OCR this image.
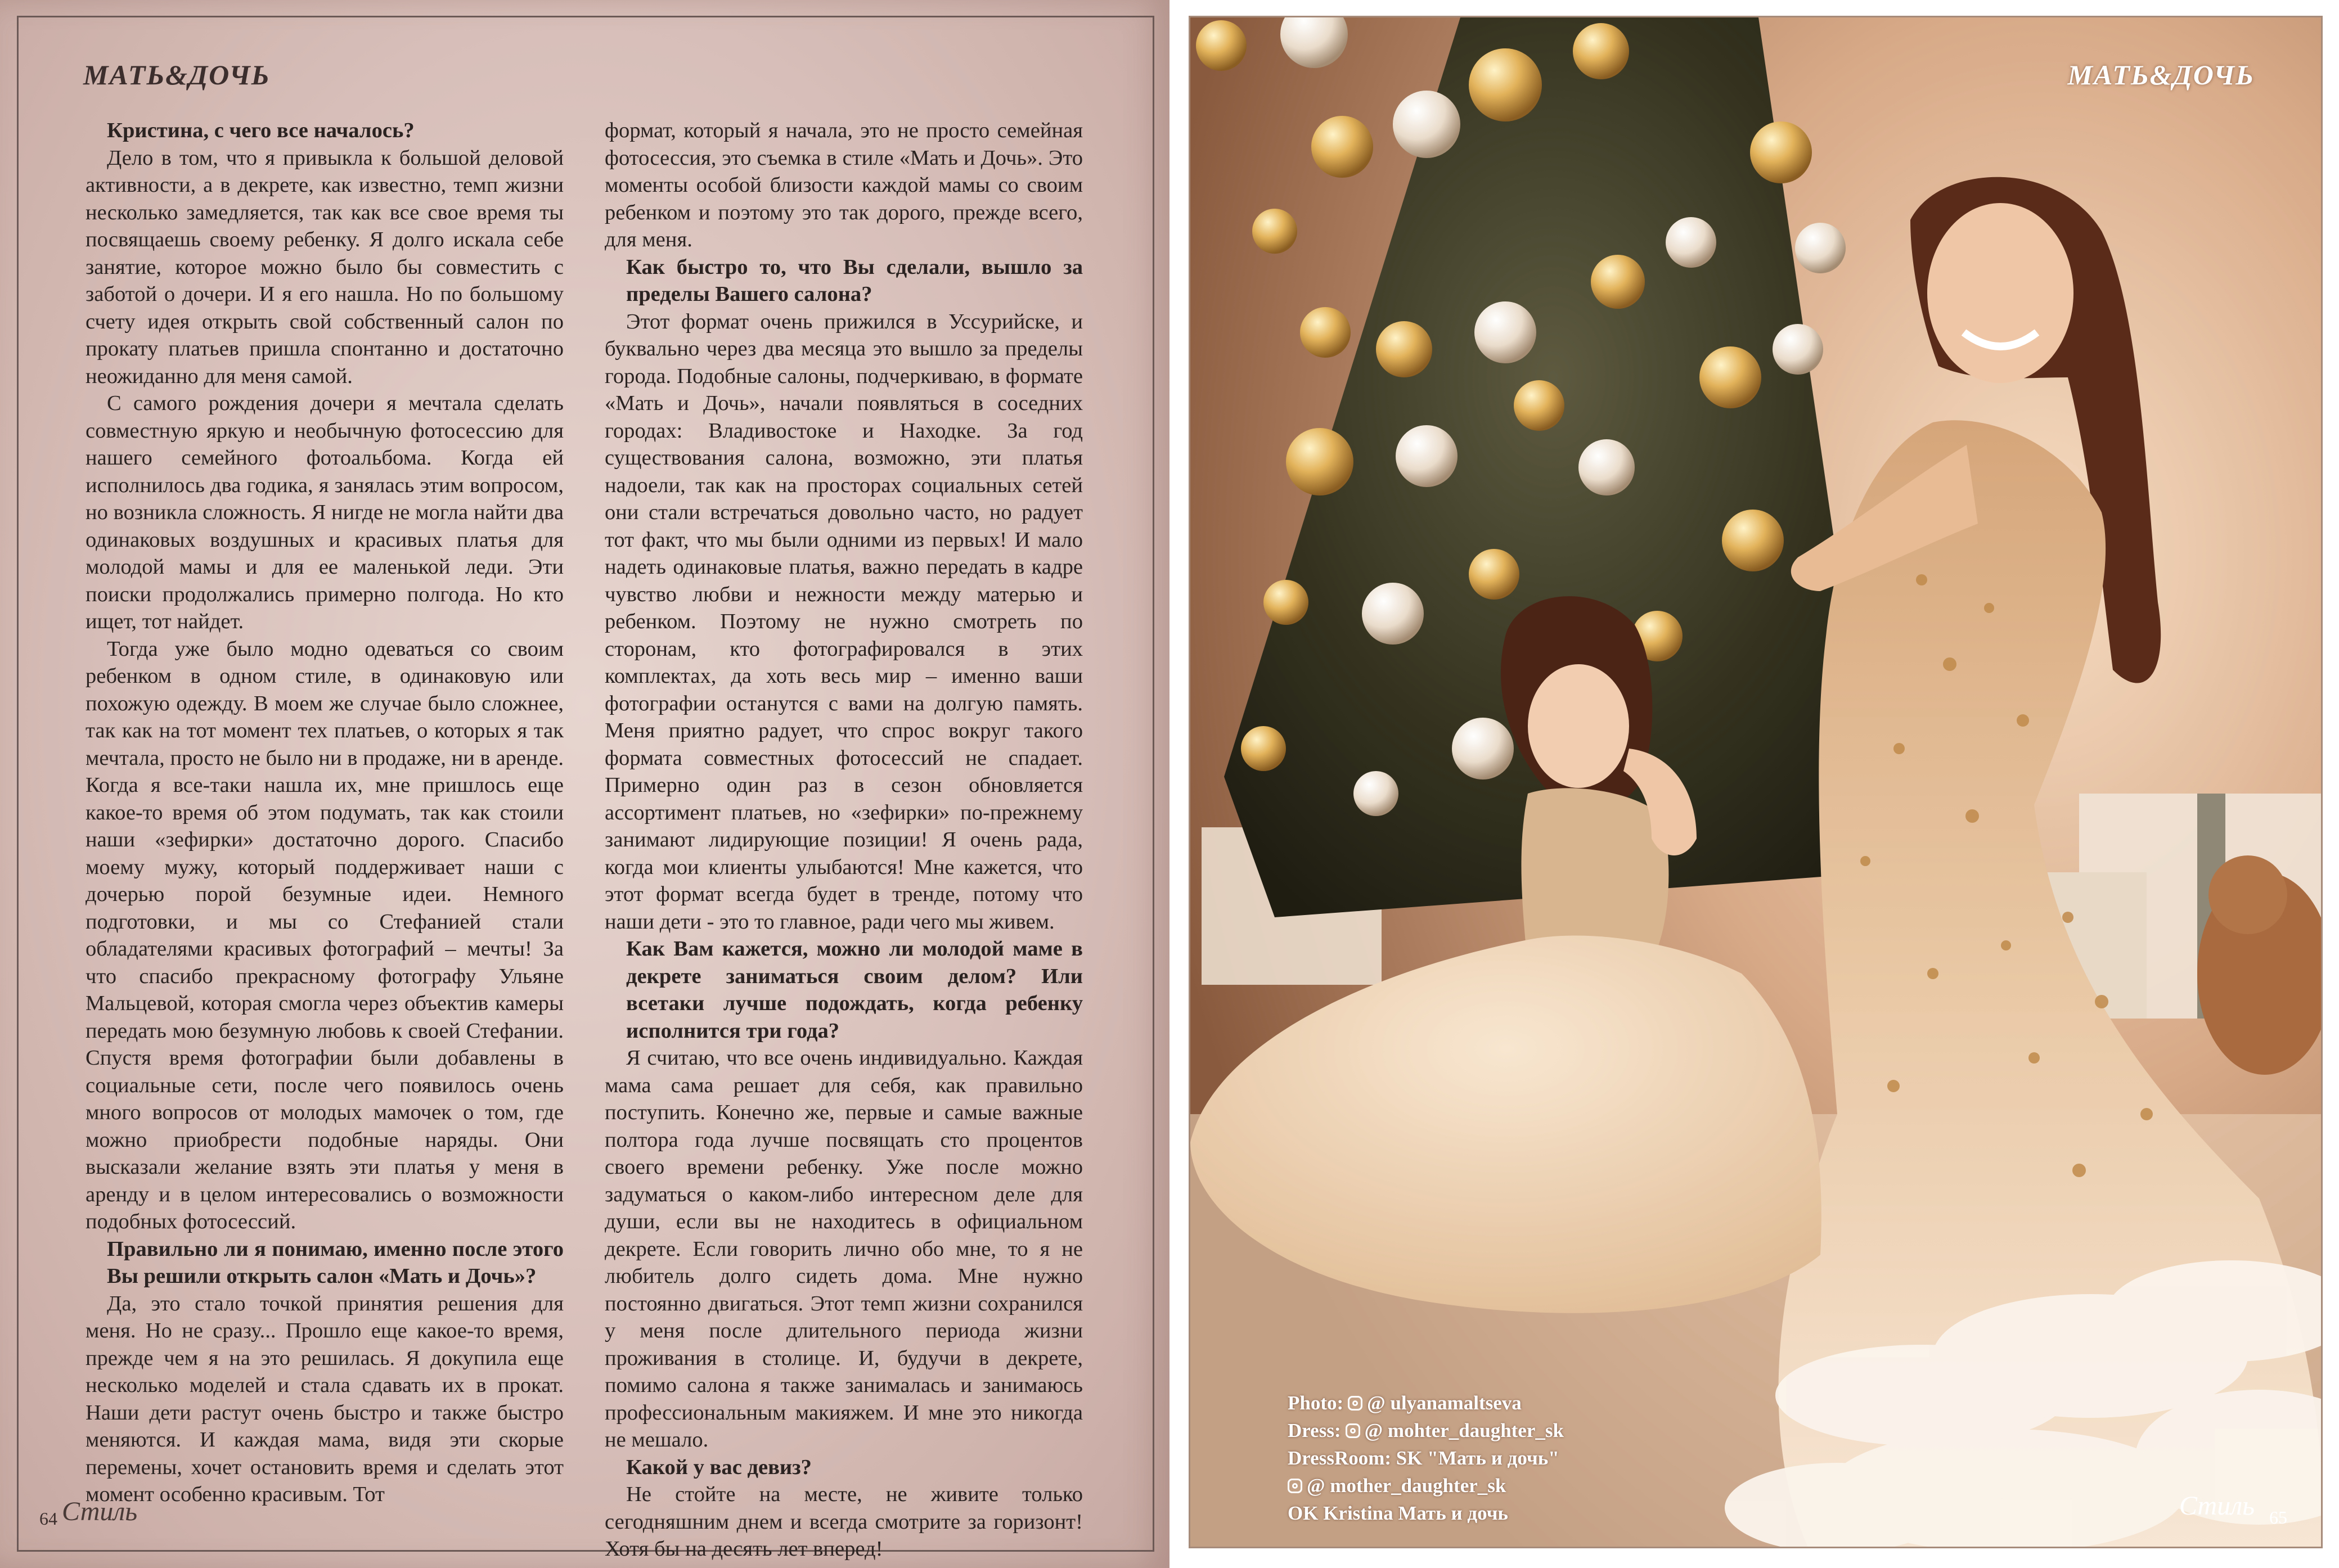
МАТЬ&ДОЧЬ

Кристина, с чего все началось?

Дело в том, что я привыкла к большой деловой активности, а в декрете, как известно, темп жизни несколько замедляется, так как все свое время ты посвящаешь своему ребенку. Я долго искала себе занятие, которое можно было бы совместить с заботой о дочери. И я его нашла. Но по большому счету идея открыть свой собственный салон по прокату платьев пришла спонтанно и достаточно неожиданно для меня самой.

С самого рождения дочери я мечтала сделать совместную яркую и необычную фотосессию для нашего семейного фотоальбома. Когда ей исполнилось два годика, я занялась этим вопросом, но возникла сложность. Я нигде не могла найти два одинаковых воздушных и красивых платья для молодой мамы и для ее маленькой леди. Эти поиски продолжались примерно полгода. Но кто ищет, тот найдет.

Тогда уже было модно одеваться со своим ребенком в одном стиле, в одинаковую или похожую одежду. В моем же случае было сложнее, так как на тот момент тех платьев, о которых я так мечтала, просто не было ни в продаже, ни в аренде. Когда я все-таки нашла их, мне пришлось еще какое-то время об этом подумать, так как стоили наши «зефирки» достаточно дорого. Спасибо моему мужу, который поддерживает наши с дочерью порой безумные идеи. Немного подготовки, и мы со Стефанией стали обладателями красивых фотографий – мечты! За что спасибо прекрасному фотографу Ульяне Мальцевой, которая смогла через объектив камеры передать мою безумную любовь к своей Стефании. Спустя время фотографии были добавлены в социальные сети, после чего появилось очень много вопросов от молодых мамочек о том, где можно приобрести подобные наряды. Они высказали желание взять эти платья у меня в аренду и в целом интересовались о возможности подобных фотосессий.

Правильно ли я понимаю, именно после этого Вы решили открыть салон «Мать и Дочь»?

Да, это стало точкой принятия решения для меня. Но не сразу... Прошло еще какое-то время, прежде чем я на это решилась. Я докупила еще несколько моделей и стала сдавать их в прокат. Наши дети растут очень быстро и также быстро меняются. И каждая мама, видя эти скорые перемены, хочет остановить время и сделать этот момент особенно красивым. Тот

формат, который я начала, это не просто семейная фотосессия, это съемка в стиле «Мать и Дочь». Это моменты особой близости каждой мамы со своим ребенком и поэтому это так дорого, прежде всего, для меня.

Как быстро то, что Вы сделали, вышло за пределы Вашего салона?

Этот формат очень прижился в Уссурийске, и буквально через два месяца это вышло за пределы города. Подобные салоны, подчеркиваю, в формате «Мать и Дочь», начали появляться в соседних городах: Владивостоке и Находке. За год существования салона, возможно, эти платья надоели, так как на просторах социальных сетей они стали встречаться довольно часто, но радует тот факт, что мы были одними из первых! И мало надеть одинаковые платья, важно передать в кадре чувство любви и нежности между матерью и ребенком. Поэтому не нужно смотреть по сторонам, кто фотографировался в этих комплектах, да хоть весь мир – именно ваши фотографии останутся с вами на долгую память. Меня приятно радует, что спрос вокруг такого формата совместных фотосессий не спадает. Примерно один раз в сезон обновляется ассортимент платьев, но «зефирки» по-прежнему занимают лидирующие позиции! Я очень рада, когда мои клиенты улыбаются! Мне кажется, что этот формат всегда будет в тренде, потому что наши дети - это то главное, ради чего мы живем.

Как Вам кажется, можно ли молодой маме в декрете заниматься своим делом? Или всетаки лучше подождать, когда ребенку исполнится три года?

Я считаю, что все очень индивидуально. Каждая мама сама решает для себя, как правильно поступить. Конечно же, первые и самые важные полтора года лучше посвящать сто процентов своего времени ребенку. Уже после можно задуматься о каком-либо интересном деле для души, если вы не находитесь в официальном декрете. Если говорить лично обо мне, то я не любитель долго сидеть дома. Мне нужно постоянно двигаться. Этот темп жизни сохранился у меня после длительного периода жизни проживания в столице. И, будучи в декрете, помимо салона я также занималась и занимаюсь профессиональным макияжем. И мне это никогда не мешало.

Какой у вас девиз?

Не стойте на месте, не живите только сегодняшним днем и всегда смотрите за горизонт! Хотя бы на десять лет вперед!

64 Стиль
МАТЬ&ДОЧЬ
Photo: @ ulyanamaltseva
Dress: @ mohter_daughter_sk
DressRoom: SK "Мать и дочь"
@ mother_daughter_sk
OK Kristina Мать и дочь	Стиль 65
